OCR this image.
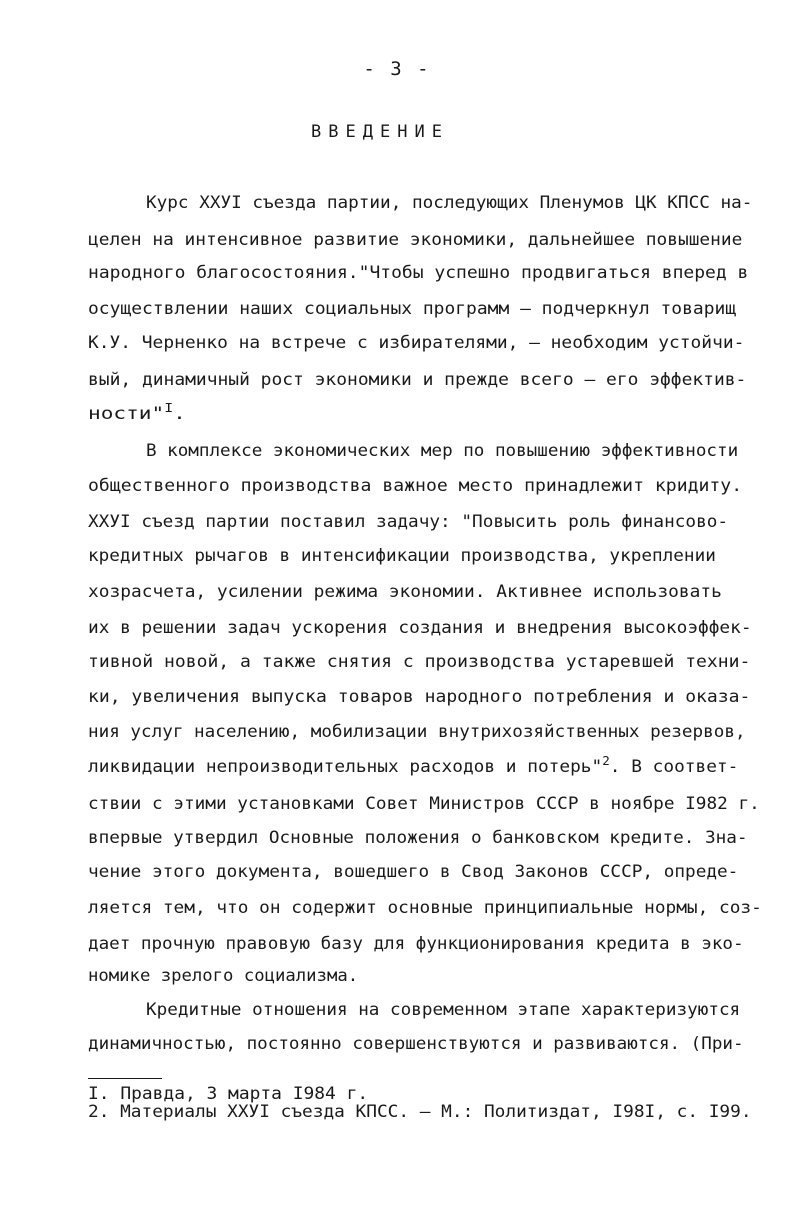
- 3 -
ВВЕДЕНИЕ
Курс XXУI съезда партии, последующих Пленумов ЦК КПСС на-
целен на интенсивное развитие экономики, дальнейшее повышение
народного благосостояния."Чтобы успешно продвигаться вперед в
осуществлении наших социальных программ – подчеркнул товарищ
К.У. Черненко на встрече с избирателями, – необходим устойчи-
вый, динамичный рост экономики и прежде всего – его эффектив-
ности"$^I$.
В комплексе экономических мер по повышению эффективности
общественного производства важное место принадлежит кридиту.
XXУI съезд партии поставил задачу: "Повысить роль финансово-
кредитных рычагов в интенсификации производства, укреплении
хозрасчета, усилении режима экономии. Активнее использовать
их в решении задач ускорения создания и внедрения высокоэффек-
тивной новой, а также снятия с производства устаревшей техни-
ки, увеличения выпуска товаров народного потребления и оказа-
ния услуг населению, мобилизации внутрихозяйственных резервов,
ликвидации непроизводительных расходов и потерь"$^2$. В соответ-
ствии с этими установками Совет Министров СССР в ноябре I982 г.
впервые утвердил Основные положения о банковском кредите. Зна-
чение этого документа, вошедшего в Свод Законов СССР, опреде-
ляется тем, что он содержит основные принципиальные нормы, соз-
дает прочную правовую базу для функционирования кредита в эко-
номике зрелого социализма.
Кредитные отношения на современном этапе характеризуются
динамичностью, постоянно совершенствуются и развиваются. (При-
I. Правда, 3 марта I984 г.
2. Материалы XXУI съезда КПСС. – М.: Политиздат, I98I, с. I99.
